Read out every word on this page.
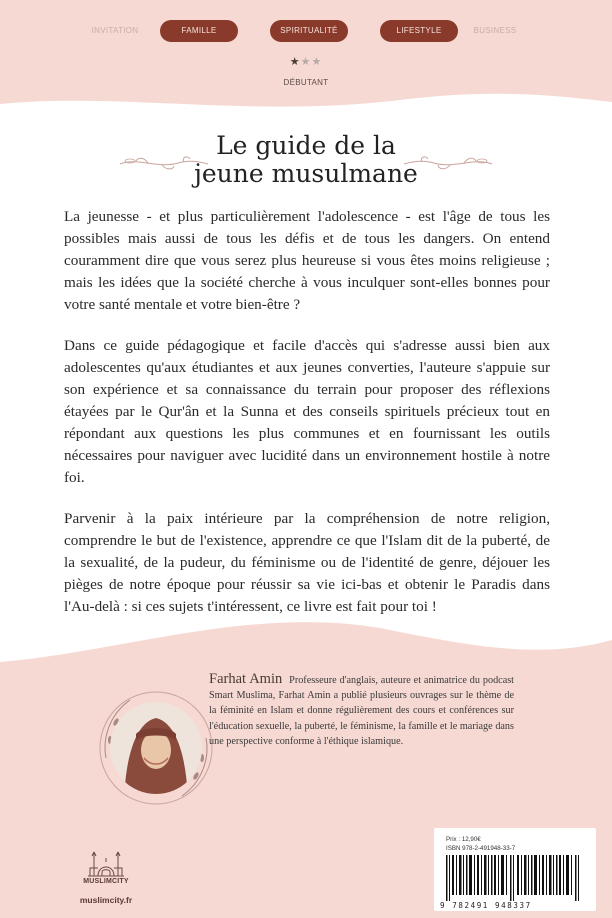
INVITATION	FAMILLE	SPIRITUALITÉ	LIFESTYLE	BUSINESS
★★★
DÉBUTANT
Le guide de la
jeune musulmane

La jeunesse - et plus particulièrement l'adolescence - est l'âge de tous les possibles mais aussi de tous les défis et de tous les dangers. On entend couramment dire que vous serez plus heureuse si vous êtes moins religieuse ; mais les idées que la société cherche à vous inculquer sont-elles bonnes pour votre santé mentale et votre bien-être ?

Dans ce guide pédagogique et facile d'accès qui s'adresse aussi bien aux adolescentes qu'aux étudiantes et aux jeunes converties, l'auteure s'appuie sur son expérience et sa connaissance du terrain pour proposer des réflexions étayées par le Qur'ân et la Sunna et des conseils spirituels précieux tout en répondant aux questions les plus communes et en fournissant les outils nécessaires pour naviguer avec lucidité dans un environnement hostile à notre foi.

Parvenir à la paix intérieure par la compréhension de notre religion, comprendre le but de l'existence, apprendre ce que l'Islam dit de la puberté, de la sexualité, de la pudeur, du féminisme ou de l'identité de genre, déjouer les pièges de notre époque pour réussir sa vie ici-bas et obtenir le Paradis dans l'Au-delà : si ces sujets t'intéressent, ce livre est fait pour toi !

Farhat Amin Professeure d'anglais, auteure et animatrice du podcast Smart Muslima, Farhat Amin a publié plusieurs ouvrages sur le thème de la féminité en Islam et donne régulièrement des cours et conférences sur l'éducation sexuelle, la puberté, le féminisme, la famille et le mariage dans une perspective conforme à l'éthique islamique.
MUSLIMCITY
muslimcity.fr
Prix : 12,90€
ISBN 978-2-491948-33-7
9 782491 948337
